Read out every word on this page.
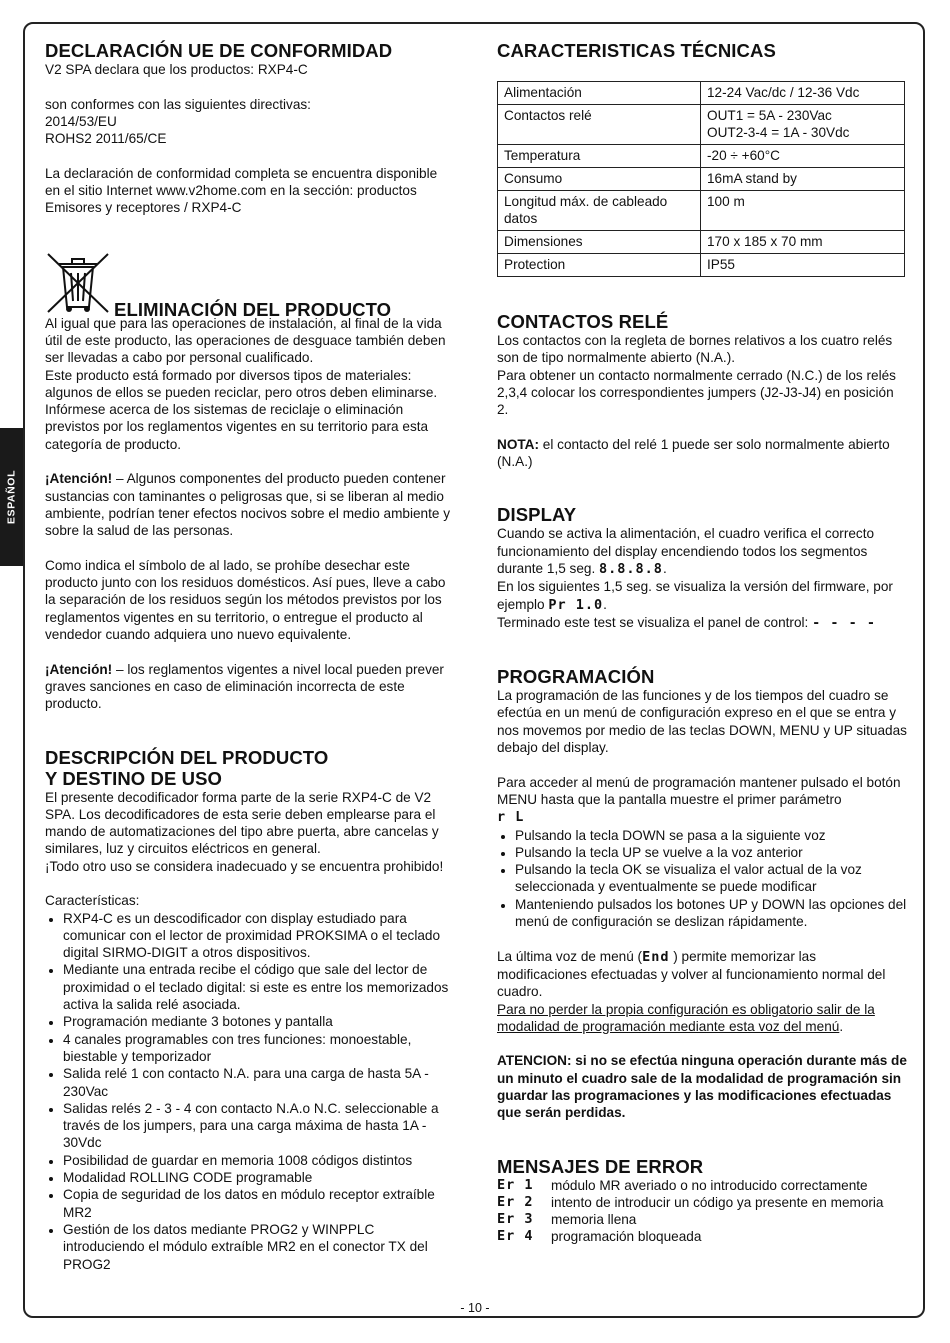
ESPAÑOL
DECLARACIÓN UE DE CONFORMIDAD

V2 SPA declara que los productos: RXP4-C

son conformes con las siguientes directivas:

2014/53/EU

ROHS2 2011/65/CE

La declaración de conformidad completa se encuentra disponible en el sitio Internet www.v2home.com en la sección: productos Emisores y receptores / RXP4-C

ELIMINACIÓN DEL PRODUCTO

Al igual que para las operaciones de instalación, al final de la vida útil de este producto, las operaciones de desguace también deben ser llevadas a cabo por personal cualificado.

Este producto está formado por diversos tipos de materiales: algunos de ellos se pueden reciclar, pero otros deben eliminarse. Infórmese acerca de los sistemas de reciclaje o eliminación previstos por los reglamentos vigentes en su territorio para esta categoría de producto.

¡Atención! – Algunos componentes del producto pueden contener sustancias con taminantes o peligrosas que, si se liberan al medio ambiente, podrían tener efectos nocivos sobre el medio ambiente y sobre la salud de las personas.

Como indica el símbolo de al lado, se prohíbe desechar este producto junto con los residuos domésticos. Así pues, lleve a cabo la separación de los residuos según los métodos previstos por los reglamentos vigentes en su territorio, o entregue el producto al vendedor cuando adquiera uno nuevo equivalente.

¡Atención! – los reglamentos vigentes a nivel local pueden prever graves sanciones en caso de eliminación incorrecta de este producto.

DESCRIPCIÓN DEL PRODUCTO
Y DESTINO DE USO

El presente decodificador forma parte de la serie RXP4-C de V2 SPA. Los decodificadores de esta serie deben emplearse para el mando de automatizaciones del tipo abre puerta, abre cancelas y similares, luz y circuitos eléctricos en general.

¡Todo otro uso se considera inadecuado y se encuentra prohibido!

Características:

• RXP4-C es un descodificador con display estudiado para comunicar con el lector de proximidad PROKSIMA o el teclado digital SIRMO-DIGIT a otros dispositivos.
• Mediante una entrada recibe el código que sale del lector de proximidad o el teclado digital: si este es entre los memorizados activa la salida relé asociada.
• Programación mediante 3 botones y pantalla
• 4 canales programables con tres funciones: monoestable, biestable y temporizador
• Salida relé 1 con contacto N.A. para una carga de hasta 5A - 230Vac
• Salidas relés 2 - 3 - 4 con contacto N.A.o N.C. seleccionable a través de los jumpers, para una carga máxima de hasta 1A - 30Vdc
• Posibilidad de guardar en memoria 1008 códigos distintos
• Modalidad ROLLING CODE programable
• Copia de seguridad de los datos en módulo receptor extraíble MR2
• Gestión de los datos mediante PROG2 y WINPPLC introduciendo el módulo extraíble MR2 en el conector TX del PROG2
CARACTERISTICAS TÉCNICAS
Alimentación	12-24 Vac/dc / 12-36 Vdc
Contactos relé	OUT1 = 5A - 230Vac
OUT2-3-4 = 1A - 30Vdc

Temperatura	-20 ÷ +60°C
Consumo	16mA stand by
Longitud máx. de cableado datos	100 m
Dimensiones	170 x 185 x 70 mm
Protection	IP55
CONTACTOS RELÉ

Los contactos con la regleta de bornes relativos a los cuatro relés son de tipo normalmente abierto (N.A.).

Para obtener un contacto normalmente cerrado (N.C.) de los relés 2,3,4 colocar los correspondientes jumpers (J2-J3-J4) en posición 2.

NOTA: el contacto del relé 1 puede ser solo normalmente abierto (N.A.)

DISPLAY

Cuando se activa la alimentación, el cuadro verifica el correcto funcionamiento del display encendiendo todos los segmentos durante 1,5 seg. 8.8.8.8.

En los siguientes 1,5 seg. se visualiza la versión del firmware, por ejemplo Pr 1.0.

Terminado este test se visualiza el panel de control: - - - -

PROGRAMACIÓN

La programación de las funciones y de los tiempos del cuadro se efectúa en un menú de configuración expreso en el que se entra y nos movemos por medio de las teclas DOWN, MENU y UP situadas debajo del display.

Para acceder al menú de programación mantener pulsado el botón MENU hasta que la pantalla muestre el primer parámetro

r L

• Pulsando la tecla DOWN se pasa a la siguiente voz
• Pulsando la tecla UP se vuelve a la voz anterior
• Pulsando la tecla OK se visualiza el valor actual de la voz seleccionada y eventualmente se puede modificar
• Manteniendo pulsados los botones UP y DOWN las opciones del menú de configuración se deslizan rápidamente.

La última voz de menú (End ) permite memorizar las modificaciones efectuadas y volver al funcionamiento normal del cuadro.

Para no perder la propia configuración es obligatorio salir de la modalidad de programación mediante esta voz del menú.

ATENCION: si no se efectúa ninguna operación durante más de un minuto el cuadro sale de la modalidad de programación sin guardar las programaciones y las modificaciones efectuadas que serán perdidas.

MENSAJES DE ERROR
Er 1	módulo MR averiado o no introducido correctamente
Er 2	intento de introducir un código ya presente en memoria
Er 3	memoria llena
Er 4	programación bloqueada
- 10 -
